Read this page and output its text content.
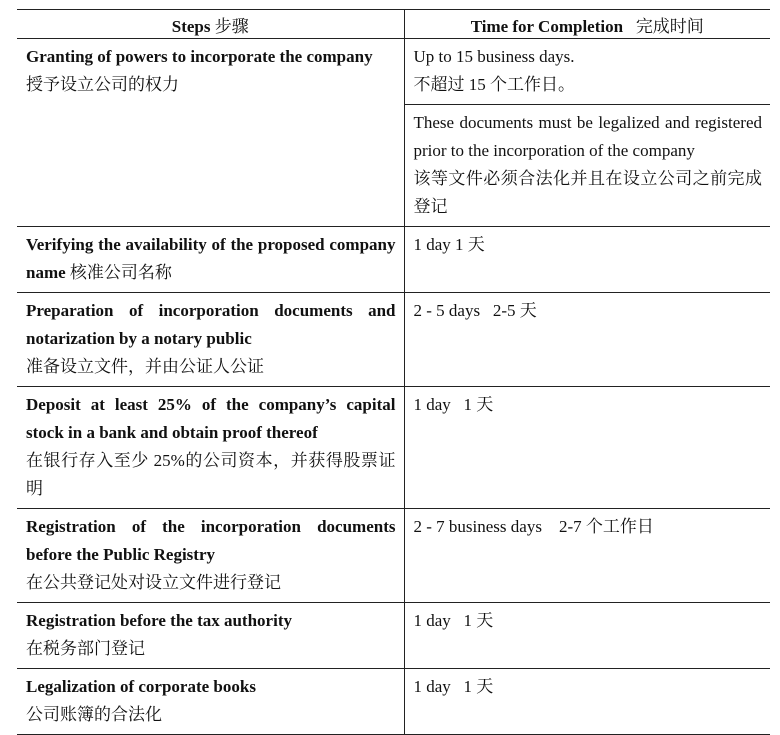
Steps 步骤	Time for Completion 完成时间
Granting of powers to incorporate the company
授予设立公司的权力	Up to 15 business days.
不超过 15 个工作日。

	These documents must be legalized and registered prior to the incorporation of the company
该等文件必须合法化并且在设立公司之前完成登记

Verifying the availability of the proposed company name 核准公司名称	1 day 1 天
Preparation of incorporation documents and notarization by a notary public
准备设立文件，并由公证人公证	2 - 5 days 2-5 天
Deposit at least 25% of the company’s capital stock in a bank and obtain proof thereof
在银行存入至少 25%的公司资本，并获得股票证明	1 day 1 天
Registration of the incorporation documents before the Public Registry
在公共登记处对设立文件进行登记	2 - 7 business days 2-7 个工作日
Registration before the tax authority
在税务部门登记	1 day 1 天
Legalization of corporate books
公司账簿的合法化	1 day 1 天
